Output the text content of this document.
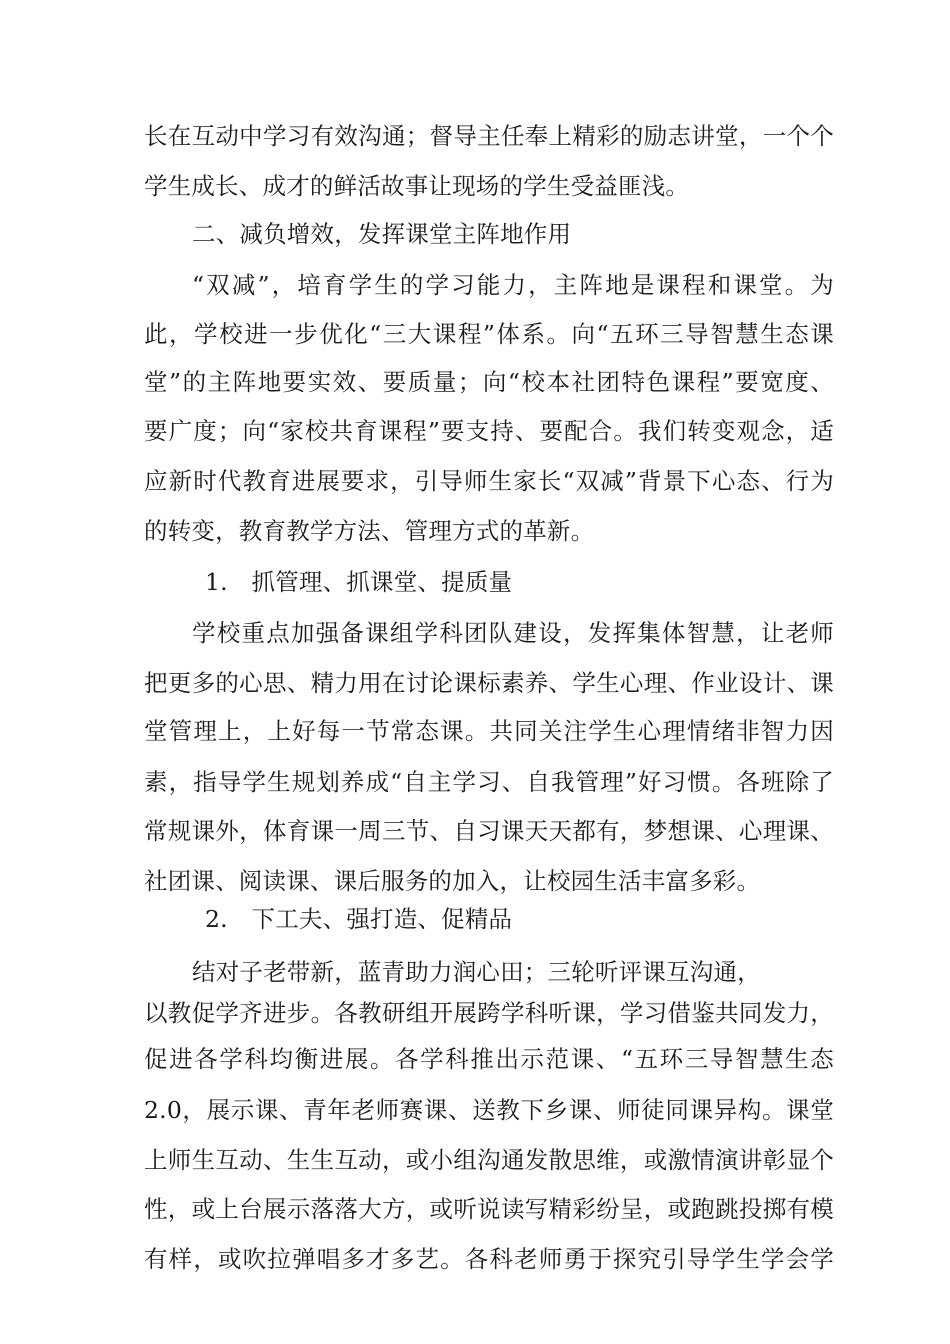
长在互动中学习有效沟通；督导主任奉上精彩的励志讲堂，一个个
学生成长、成才的鲜活故事让现场的学生受益匪浅。
二、减负增效，发挥课堂主阵地作用
“双减”，培育学生的学习能力，主阵地是课程和课堂。为
此，学校进一步优化“三大课程”体系。向“五环三导智慧生态课
堂”的主阵地要实效、要质量；向“校本社团特色课程”要宽度、
要广度；向“家校共育课程”要支持、要配合。我们转变观念，适
应新时代教育进展要求，引导师生家长“双减”背景下心态、行为
的转变，教育教学方法、管理方式的革新。
1.　抓管理、抓课堂、提质量
学校重点加强备课组学科团队建设，发挥集体智慧，让老师
把更多的心思、精力用在讨论课标素养、学生心理、作业设计、课
堂管理上，上好每一节常态课。共同关注学生心理情绪非智力因
素，指导学生规划养成“自主学习、自我管理”好习惯。各班除了
常规课外，体育课一周三节、自习课天天都有，梦想课、心理课、
社团课、阅读课、课后服务的加入，让校园生活丰富多彩。
2.　下工夫、强打造、促精品
结对子老带新，蓝青助力润心田；三轮听评课互沟通，
以教促学齐进步。各教研组开展跨学科听课，学习借鉴共同发力，
促进各学科均衡进展。各学科推出示范课、“五环三导智慧生态
2.0，展示课、青年老师赛课、送教下乡课、师徒同课异构。课堂
上师生互动、生生互动，或小组沟通发散思维，或激情演讲彰显个
性，或上台展示落落大方，或听说读写精彩纷呈，或跑跳投掷有模
有样，或吹拉弹唱多才多艺。各科老师勇于探究引导学生学会学
